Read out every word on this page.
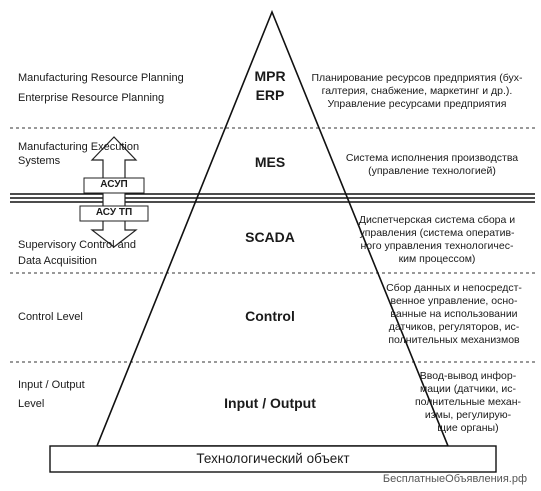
Manufacturing Resource Planning
Enterprise Resource Planning
Manufacturing Execution
Systems
Supervisory Control and
Data Acquisition
Control Level
Input / Output
Level
MPR
ERP
MES
SCADA
Control
Input / Output
АСУП
АСУ ТП
Планирование ресурсов предприятия (бух-
галтерия, снабжение, маркетинг и др.).
Управление ресурсами предприятия
Система исполнения производства
(управление технологией)
Диспетчерская система сбора и
управления (система оператив-
ного управления технологичес-
ким процессом)
Сбор данных и непосредст-
венное управление, осно-
ванные на использовании
датчиков, регуляторов, ис-
полнительных механизмов
Ввод-вывод инфор-
мации (датчики, ис-
полнительные механ-
измы, регулирую-
щие органы)
Технологический объект
БесплатныеОбъявления.рф
